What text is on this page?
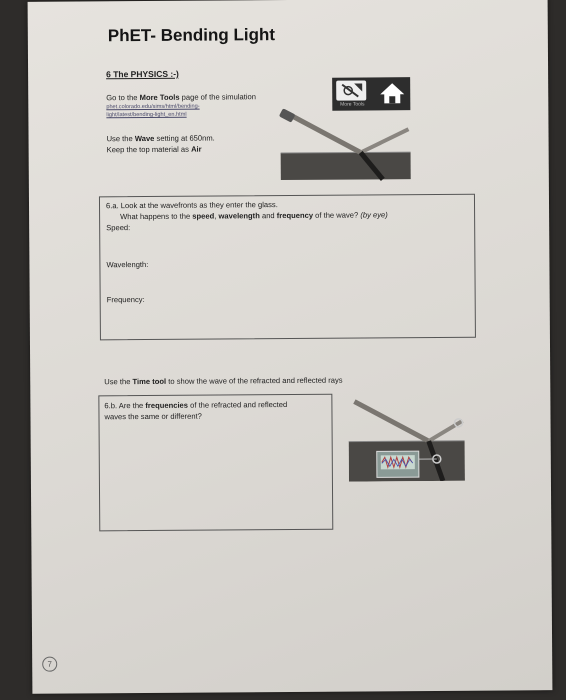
PhET- Bending Light
6 The PHYSICS :-)
Go to the More Tools page of the simulation
phet.colorado.edu/sims/html/bending-
light/latest/bending-light_en.html
Use the Wave setting at 650nm.
Keep the top material as Air
More Tools
6.a. Look at the wavefronts as they enter the glass.
What happens to the speed, wavelength and frequency of the wave? (by eye)
Speed:
Wavelength:
Frequency:
Use the Time tool to show the wave of the refracted and reflected rays
6.b. Are the frequencies of the refracted and reflected
waves the same or different?
7
